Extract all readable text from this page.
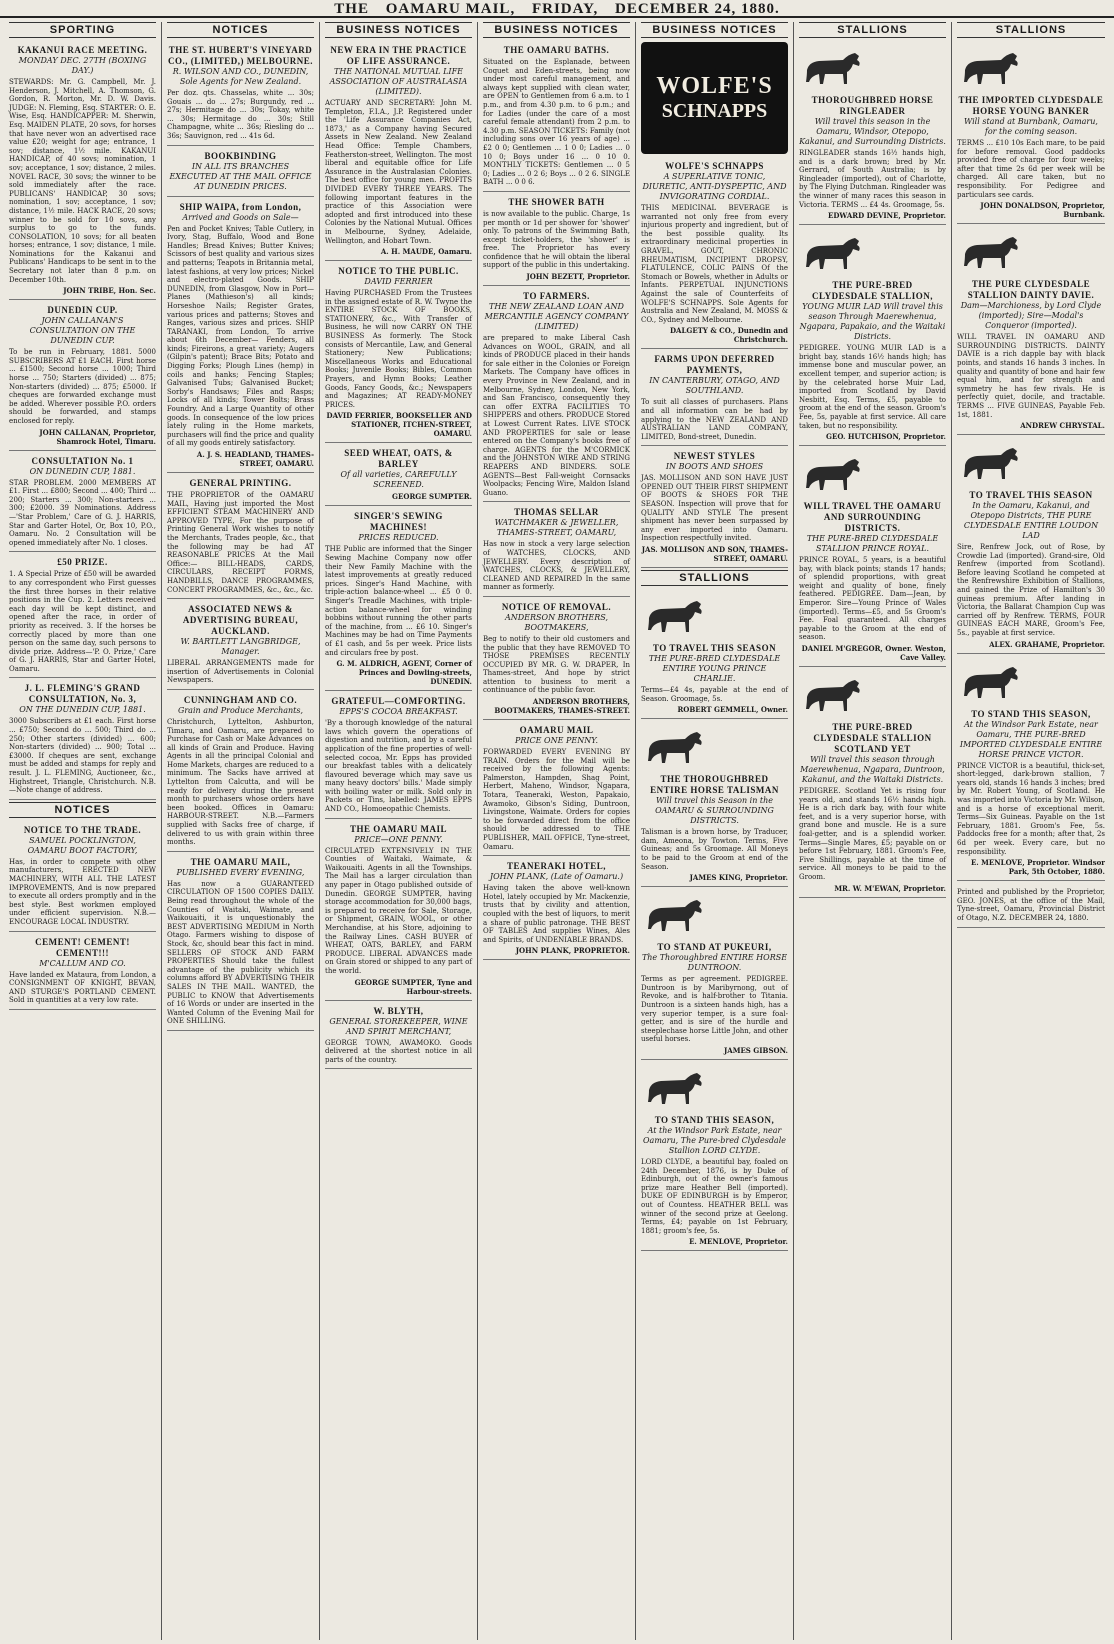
THE OAMARU MAIL, FRIDAY, DECEMBER 24, 1880.
SPORTING
KAKANUI RACE MEETING.
MONDAY DEC. 27TH (BOXING DAY.)
STEWARDS: Mr. G. Campbell, Mr. J. Henderson, J. Mitchell, A. Thomson, G. Gordon, R. Morton, Mr. D. W. Davis. JUDGE: N. Fleming, Esq. STARTER: O. E. Wise, Esq. HANDICAPPER: M. Sherwin, Esq. MAIDEN PLATE, 20 sovs, for horses that have never won an advertised race value £20; weight for age; entrance, 1 sov; distance, 1½ mile. KAKANUI HANDICAP, of 40 sovs; nomination, 1 sov; acceptance, 1 sov; distance, 2 miles. NOVEL RACE, 30 sovs; the winner to be sold immediately after the race. PUBLICANS' HANDICAP, 30 sovs; nomination, 1 sov; acceptance, 1 sov; distance, 1½ mile. HACK RACE, 20 sovs; winner to be sold for 10 sovs, any surplus to go to the funds. CONSOLATION, 10 sovs; for all beaten horses; entrance, 1 sov; distance, 1 mile. Nominations for the Kakanui and Publicans' Handicaps to be sent in to the Secretary not later than 8 p.m. on December 10th.
JOHN TRIBE, Hon. Sec.
DUNEDIN CUP.
JOHN CALLANAN'S CONSULTATION ON THE DUNEDIN CUP.
To be run in February, 1881. 5000 SUBSCRIBERS AT £1 EACH. First horse ... £1500; Second horse ... 1000; Third horse ... 750; Starters (divided) ... 875; Non-starters (divided) ... 875; £5000. If cheques are forwarded exchange must be added. Wherever possible P.O. orders should be forwarded, and stamps enclosed for reply.
JOHN CALLANAN, Proprietor, Shamrock Hotel, Timaru.
CONSULTATION No. 1
ON DUNEDIN CUP, 1881.
STAR PROBLEM. 2000 MEMBERS AT £1. First ... £800; Second ... 400; Third ... 200; Starters ... 300; Non-starters ... 300; £2000. 39 Nominations. Address—'Star Problem,' Care of G. J. HARRIS, Star and Garter Hotel, Or, Box 10, P.O., Oamaru. No. 2 Consultation will be opened immediately after No. 1 closes.
£50 PRIZE.
1. A Special Prize of £50 will be awarded to any correspondent who First guesses the first three horses in their relative positions in the Cup. 2. Letters received each day will be kept distinct, and opened after the race, in order of priority as received. 3. If the horses be correctly placed by more than one person on the same day, such persons to divide prize. Address—'P. O. Prize,' Care of G. J. HARRIS, Star and Garter Hotel, Oamaru.
J. L. FLEMING'S GRAND CONSULTATION, No. 3,
ON THE DUNEDIN CUP, 1881.
3000 Subscribers at £1 each. First horse ... £750; Second do ... 500; Third do ... 250; Other starters (divided) ... 600; Non-starters (divided) ... 900; Total ... £3000. If cheques are sent, exchange must be added and stamps for reply and result. J. L. FLEMING, Auctioneer, &c., Highstreet, Triangle, Christchurch. N.B.—Note change of address.
NOTICES
NOTICE TO THE TRADE.
SAMUEL POCKLINGTON, OAMARU BOOT FACTORY,
Has, in order to compete with other manufacturers, ERECTED NEW MACHINERY, WITH ALL THE LATEST IMPROVEMENTS, And is now prepared to execute all orders promptly and in the best style. Best workmen employed under efficient supervision. N.B.— ENCOURAGE LOCAL INDUSTRY.
CEMENT! CEMENT! CEMENT!!!
M'CALLUM AND CO.
Have landed ex Mataura, from London, a CONSIGNMENT OF KNIGHT, BEVAN, AND STURGE'S PORTLAND CEMENT. Sold in quantities at a very low rate.
NOTICES
THE ST. HUBERT'S VINEYARD CO., (LIMITED,) MELBOURNE.
R. WILSON AND CO., DUNEDIN, Sole Agents for New Zealand.
Per doz. qts. Chasselas, white ... 30s; Gouais ... do ... 27s; Burgundy, red ... 27s; Hermitage do ... 30s; Tokay, white ... 30s; Hermitage do ... 30s; Still Champagne, white ... 36s; Riesling do ... 36s; Sauvignon, red ... 41s 6d.
BOOKBINDING
IN ALL ITS BRANCHES EXECUTED AT THE MAIL OFFICE AT DUNEDIN PRICES.
SHIP WAIPA, from London,
Arrived and Goods on Sale—
Pen and Pocket Knives; Table Cutlery, in Ivory, Stag, Buffalo, Wood and Bone Handles; Bread Knives; Butter Knives; Scissors of best quality and various sizes and patterns; Teapots in Britannia metal, latest fashions, at very low prices; Nickel and electro-plated Goods. SHIP DUNEDIN, from Glasgow, Now in Port— Planes (Mathieson's) all kinds; Horseshoe Nails; Register Grates, various prices and patterns; Stoves and Ranges, various sizes and prices. SHIP TARANAKI, from London, To arrive about 6th December— Fenders, all kinds; Fireirons, a great variety; Augers (Gilpin's patent); Brace Bits; Potato and Digging Forks; Plough Lines (hemp) in coils and hanks; Fencing Staples; Galvanised Tubs; Galvanised Bucket; Sorby's Handsaws; Files and Rasps; Locks of all kinds; Tower Bolts; Brass Foundry. And a Large Quantity of other goods. In consequence of the low prices lately ruling in the Home markets, purchasers will find the price and quality of all my goods entirely satisfactory.
A. J. S. HEADLAND, THAMES-STREET, OAMARU.
GENERAL PRINTING.
THE PROPRIETOR of the OAMARU MAIL, Having just imported the Most EFFICIENT STEAM MACHINERY AND APPROVED TYPE, For the purpose of Printing General Work wishes to notify the Merchants, Trades people, &c., that the following may be had AT REASONABLE PRICES At the Mail Office:— BILL-HEADS, CARDS, CIRCULARS, RECEIPT FORMS, HANDBILLS, DANCE PROGRAMMES, CONCERT PROGRAMMES, &c., &c., &c.
ASSOCIATED NEWS & ADVERTISING BUREAU, AUCKLAND.
W. BARTLETT LANGBRIDGE, Manager.
LIBERAL ARRANGEMENTS made for insertion of Advertisements in Colonial Newspapers.
CUNNINGHAM AND CO.
Grain and Produce Merchants,
Christchurch, Lyttelton, Ashburton, Timaru, and Oamaru, are prepared to Purchase for Cash or Make Advances on all kinds of Grain and Produce. Having Agents in all the principal Colonial and Home Markets, charges are reduced to a minimum. The Sacks have arrived at Lyttelton from Calcutta, and will be ready for delivery during the present month to purchasers whose orders have been booked. Offices in Oamaru: HARBOUR-STREET. N.B.—Farmers supplied with Sacks free of charge, if delivered to us with grain within three months.
THE OAMARU MAIL,
PUBLISHED EVERY EVENING,
Has now a GUARANTEED CIRCULATION OF 1500 COPIES DAILY. Being read throughout the whole of the Counties of Waitaki, Waimate, and Waikouaiti, it is unquestionably the BEST ADVERTISING MEDIUM in North Otago. Farmers wishing to dispose of Stock, &c, should bear this fact in mind. SELLERS OF STOCK AND FARM PROPERTIES Should take the fullest advantage of the publicity which its columns afford BY ADVERTISING THEIR SALES IN THE MAIL. WANTED, the PUBLIC to KNOW that Advertisements of 16 Words or under are inserted in the Wanted Column of the Evening Mail for ONE SHILLING.
BUSINESS NOTICES
NEW ERA IN THE PRACTICE OF LIFE ASSURANCE.
THE NATIONAL MUTUAL LIFE ASSOCIATION OF AUSTRALASIA (LIMITED).
ACTUARY AND SECRETARY: John M. Templeton, F.I.A., J.P. Registered under the 'Life Assurance Companies Act, 1873,' as a Company having Secured Assets in New Zealand. New Zealand Head Office: Temple Chambers, Featherston-street, Wellington. The most liberal and equitable office for Life Assurance in the Australasian Colonies. The best office for young men. PROFITS DIVIDED EVERY THREE YEARS. The following important features in the practice of this Association were adopted and first introduced into these Colonies by the National Mutual. Offices in Melbourne, Sydney, Adelaide, Wellington, and Hobart Town.
A. H. MAUDE, Oamaru.
NOTICE TO THE PUBLIC.
DAVID FERRIER
Having PURCHASED From the Trustees in the assigned estate of R. W. Twyne the ENTIRE STOCK OF BOOKS, STATIONERY, &c., With Transfer of Business, he will now CARRY ON THE BUSINESS As formerly. The Stock consists of Mercantile, Law, and General Stationery; New Publications; Miscellaneous Works and Educational Books; Juvenile Books; Bibles, Common Prayers, and Hymn Books; Leather Goods, Fancy Goods, &c.; Newspapers and Magazines; AT READY-MONEY PRICES.
DAVID FERRIER, BOOKSELLER AND STATIONER, ITCHEN-STREET, OAMARU.
SEED WHEAT, OATS, & BARLEY
Of all varieties, CAREFULLY SCREENED.
GEORGE SUMPTER.
SINGER'S SEWING MACHINES!
PRICES REDUCED.
THE Public are informed that the Singer Sewing Machine Company now offer their New Family Machine with the latest improvements at greatly reduced prices. Singer's Hand Machine, with triple-action balance-wheel ... £5 0 0. Singer's Treadle Machines, with triple-action balance-wheel for winding bobbins without running the other parts of the machine, from ... £6 10. Singer's Machines may be had on Time Payments of £1 cash, and 5s per week. Price lists and circulars free by post.
G. M. ALDRICH, AGENT, Corner of Princes and Dowling-streets, DUNEDIN.
GRATEFUL—COMFORTING.
EPPS'S COCOA BREAKFAST.
'By a thorough knowledge of the natural laws which govern the operations of digestion and nutrition, and by a careful application of the fine properties of well-selected cocoa, Mr. Epps has provided our breakfast tables with a delicately flavoured beverage which may save us many heavy doctors' bills.' Made simply with boiling water or milk. Sold only in Packets or Tins, labelled: JAMES EPPS AND CO., Homoeopathic Chemists.
THE OAMARU MAIL
PRICE—ONE PENNY.
CIRCULATED EXTENSIVELY IN THE Counties of Waitaki, Waimate, & Waikouaiti. Agents in all the Townships. The Mail has a larger circulation than any paper in Otago published outside of Dunedin. GEORGE SUMPTER, having storage accommodation for 30,000 bags, is prepared to receive for Sale, Storage, or Shipment, GRAIN, WOOL, or other Merchandise, at his Store, adjoining to the Railway Lines. CASH BUYER of WHEAT, OATS, BARLEY, and FARM PRODUCE. LIBERAL ADVANCES made on Grain stored or shipped to any part of the world.
GEORGE SUMPTER, Tyne and Harbour-streets.
W. BLYTH,
GENERAL STOREKEEPER, WINE AND SPIRIT MERCHANT,
GEORGE TOWN, AWAMOKO. Goods delivered at the shortest notice in all parts of the country.
BUSINESS NOTICES
THE OAMARU BATHS.
Situated on the Esplanade, between Coquet and Eden-streets, being now under most careful management, and always kept supplied with clean water, are OPEN to Gentlemen from 6 a.m. to 1 p.m., and from 4.30 p.m. to 6 p.m.; and for Ladies (under the care of a most careful female attendant) from 2 p.m. to 4.30 p.m. SEASON TICKETS: Family (not including sons over 16 years of age) ... £2 0 0; Gentlemen ... 1 0 0; Ladies ... 0 10 0; Boys under 16 ... 0 10 0. MONTHLY TICKETS: Gentlemen ... 0 5 0; Ladies ... 0 2 6; Boys ... 0 2 6. SINGLE BATH ... 0 0 6.
THE SHOWER BATH
is now available to the public. Charge, 1s per month or 1d per shower for 'shower' only. To patrons of the Swimming Bath, except ticket-holders, the 'shower' is free. The Proprietor has every confidence that he will obtain the liberal support of the public in this undertaking.
JOHN BEZETT, Proprietor.
TO FARMERS.
THE NEW ZEALAND LOAN AND MERCANTILE AGENCY COMPANY (LIMITED)
are prepared to make Liberal Cash Advances on WOOL, GRAIN, and all kinds of PRODUCE placed in their hands for sale either in the Colonies or Foreign Markets. The Company have offices in every Province in New Zealand, and in Melbourne, Sydney, London, New York, and San Francisco, consequently they can offer EXTRA FACILITIES TO SHIPPERS and others. PRODUCE Stored at Lowest Current Rates. LIVE STOCK AND PROPERTIES for sale or lease entered on the Company's books free of charge. AGENTS for the M'CORMICK and the JOHNSTON WIRE AND STRING REAPERS AND BINDERS. SOLE AGENTS—Best Fall-weight Cornsacks Woolpacks; Fencing Wire, Maldon Island Guano.
THOMAS SELLAR
WATCHMAKER & JEWELLER, THAMES-STREET, OAMARU,
Has now in stock a very large selection of WATCHES, CLOCKS, AND JEWELLERY. Every description of WATCHES, CLOCKS, & JEWELLERY, CLEANED AND REPAIRED In the same manner as formerly.
NOTICE OF REMOVAL.
ANDERSON BROTHERS, BOOTMAKERS,
Beg to notify to their old customers and the public that they have REMOVED TO THOSE PREMISES RECENTLY OCCUPIED BY MR. G. W. DRAPER, In Thames-street, And hope by strict attention to business to merit a continuance of the public favor.
ANDERSON BROTHERS, BOOTMAKERS, THAMES-STREET.
OAMARU MAIL
PRICE ONE PENNY.
FORWARDED EVERY EVENING BY TRAIN. Orders for the Mail will be received by the following Agents: Palmerston, Hampden, Shag Point, Herbert, Maheno, Windsor, Ngapara, Totara, Teaneraki, Weston, Papakaio, Awamoko, Gibson's Siding, Duntroon, Livingstone, Waimate. Orders for copies to be forwarded direct from the office should be addressed to THE PUBLISHER, MAIL OFFICE, Tyne-street, Oamaru.
TEANERAKI HOTEL,
JOHN PLANK, (Late of Oamaru.)
Having taken the above well-known Hotel, lately occupied by Mr. Mackenzie, trusts that by civility and attention, coupled with the best of liquors, to merit a share of public patronage. THE BEST OF TABLES And supplies Wines, Ales and Spirits, of UNDENIABLE BRANDS.
JOHN PLANK, PROPRIETOR.
BUSINESS NOTICES
WOLFE'S
SCHNAPPS
WOLFE'S SCHNAPPS
A SUPERLATIVE TONIC, DIURETIC, ANTI-DYSPEPTIC, AND INVIGORATING CORDIAL.
THIS MEDICINAL BEVERAGE is warranted not only free from every injurious property and ingredient, but of the best possible quality. Its extraordinary medicinal properties in GRAVEL, GOUT, CHRONIC RHEUMATISM, INCIPIENT DROPSY, FLATULENCE, COLIC PAINS Of the Stomach or Bowels, whether in Adults or Infants. PERPETUAL INJUNCTIONS Against the sale of Counterfeits of WOLFE'S SCHNAPPS. Sole Agents for Australia and New Zealand, M. MOSS & CO., Sydney and Melbourne.
DALGETY & CO., Dunedin and Christchurch.
FARMS UPON DEFERRED PAYMENTS,
IN CANTERBURY, OTAGO, AND SOUTHLAND.
To suit all classes of purchasers. Plans and all information can be had by applying to the NEW ZEALAND AND AUSTRALIAN LAND COMPANY, LIMITED, Bond-street, Dunedin.
NEWEST STYLES
IN BOOTS AND SHOES
JAS. MOLLISON AND SON HAVE JUST OPENED OUT THEIR FIRST SHIPMENT OF BOOTS & SHOES FOR THE SEASON. Inspection will prove that for QUALITY AND STYLE The present shipment has never been surpassed by any ever imported into Oamaru. Inspection respectfully invited.
JAS. MOLLISON AND SON, THAMES-STREET, OAMARU.
STALLIONS
TO TRAVEL THIS SEASON
THE PURE-BRED CLYDESDALE ENTIRE YOUNG PRINCE CHARLIE.
Terms—£4 4s, payable at the end of Season. Groomage, 5s.
ROBERT GEMMELL, Owner.
THE THOROUGHBRED ENTIRE HORSE TALISMAN
Will travel this Season in the OAMARU & SURROUNDING DISTRICTS.
Talisman is a brown horse, by Traducer, dam, Ameona, by Towton. Terms, Five Guineas; and 5s Groomage. All Moneys to be paid to the Groom at end of the Season.
JAMES KING, Proprietor.
TO STAND AT PUKEURI,
The Thoroughbred ENTIRE HORSE DUNTROON.
Terms as per agreement. PEDIGREE. Duntroon is by Maribyrnong, out of Revoke, and is half-brother to Titania. Duntroon is a sixteen hands high, has a very superior temper, is a sure foal-getter, and is sire of the hurdle and steeplechase horse Little John, and other useful horses.
JAMES GIBSON.
TO STAND THIS SEASON,
At the Windsor Park Estate, near Oamaru, The Pure-bred Clydesdale Stallion LORD CLYDE.
LORD CLYDE, a beautiful bay, foaled on 24th December, 1876, is by Duke of Edinburgh, out of the owner's famous prize mare Heather Bell (imported). DUKE OF EDINBURGH is by Emperor, out of Countess. HEATHER BELL was winner of the second prize at Geelong. Terms, £4; payable on 1st February, 1881; groom's fee, 5s.
E. MENLOVE, Proprietor.
STALLIONS
THOROUGHBRED HORSE RINGLEADER
Will travel this season in the Oamaru, Windsor, Otepopo, Kakanui, and Surrounding Districts.
RINGLEADER stands 16½ hands high, and is a dark brown; bred by Mr. Gerrard, of South Australia; is by Ringleader (imported), out of Charlotte, by The Flying Dutchman. Ringleader was the winner of many races this season in Victoria. TERMS ... £4 4s. Groomage, 5s.
EDWARD DEVINE, Proprietor.
THE PURE-BRED CLYDESDALE STALLION,
YOUNG MUIR LAD Will travel this season Through Maerewhenua, Ngapara, Papakaio, and the Waitaki Districts.
PEDIGREE. YOUNG MUIR LAD is a bright bay, stands 16½ hands high; has immense bone and muscular power, an excellent temper, and superior action; is by the celebrated horse Muir Lad, imported from Scotland by David Nesbitt, Esq. Terms, £5, payable to groom at the end of the season. Groom's Fee, 5s, payable at first service. All care taken, but no responsibility.
GEO. HUTCHISON, Proprietor.
WILL TRAVEL THE OAMARU AND SURROUNDING DISTRICTS.
THE PURE-BRED CLYDESDALE STALLION PRINCE ROYAL.
PRINCE ROYAL, 5 years, is a beautiful bay, with black points; stands 17 hands; of splendid proportions, with great weight and quality of bone, finely feathered. PEDIGREE. Dam—Jean, by Emperor. Sire—Young Prince of Wales (imported). Terms—£5, and 5s Groom's Fee. Foal guaranteed. All charges payable to the Groom at the end of season.
DANIEL M'GREGOR, Owner. Weston, Cave Valley.
THE PURE-BRED CLYDESDALE STALLION SCOTLAND YET
Will travel this season through Maerewhenua, Ngapara, Duntroon, Kakanui, and the Waitaki Districts.
PEDIGREE. Scotland Yet is rising four years old, and stands 16½ hands high. He is a rich dark bay, with four white feet, and is a very superior horse, with grand bone and muscle. He is a sure foal-getter, and is a splendid worker. Terms—Single Mares, £5; payable on or before 1st February, 1881. Groom's Fee, Five Shillings, payable at the time of service. All moneys to be paid to the Groom.
MR. W. M'EWAN, Proprietor.
STALLIONS
THE IMPORTED CLYDESDALE HORSE YOUNG BANKER
Will stand at Burnbank, Oamaru, for the coming season.
TERMS ... £10 10s Each mare, to be paid for before removal. Good paddocks provided free of charge for four weeks; after that time 2s 6d per week will be charged. All care taken, but no responsibility. For Pedigree and particulars see cards.
JOHN DONALDSON, Proprietor, Burnbank.
THE PURE CLYDESDALE STALLION DAINTY DAVIE.
Dam—Marchioness, by Lord Clyde (imported); Sire—Modal's Conqueror (imported).
WILL TRAVEL IN OAMARU AND SURROUNDING DISTRICTS. DAINTY DAVIE is a rich dapple bay with black points, and stands 16 hands 3 inches. In quality and quantity of bone and hair few equal him, and for strength and symmetry he has few rivals. He is perfectly quiet, docile, and tractable. TERMS ... FIVE GUINEAS, Payable Feb. 1st, 1881.
ANDREW CHRYSTAL.
TO TRAVEL THIS SEASON
In the Oamaru, Kakanui, and Otepopo Districts, THE PURE CLYDESDALE ENTIRE LOUDON LAD
Sire, Renfrew Jock, out of Rose, by Crowdie Lad (imported). Grand-sire, Old Renfrew (imported from Scotland). Before leaving Scotland he competed at the Renfrewshire Exhibition of Stallions, and gained the Prize of Hamilton's 30 guineas premium. After landing in Victoria, the Ballarat Champion Cup was carried off by Renfrew. TERMS, FOUR GUINEAS EACH MARE, Groom's Fee, 5s., payable at first service.
ALEX. GRAHAME, Proprietor.
TO STAND THIS SEASON,
At the Windsor Park Estate, near Oamaru, THE PURE-BRED IMPORTED CLYDESDALE ENTIRE HORSE PRINCE VICTOR.
PRINCE VICTOR is a beautiful, thick-set, short-legged, dark-brown stallion, 7 years old, stands 16 hands 3 inches; bred by Mr. Robert Young, of Scotland. He was imported into Victoria by Mr. Wilson, and is a horse of exceptional merit. Terms—Six Guineas. Payable on the 1st February, 1881. Groom's Fee, 5s. Paddocks free for a month; after that, 2s 6d per week. Every care, but no responsibility.
E. MENLOVE, Proprietor. Windsor Park, 5th October, 1880.
Printed and published by the Proprietor, GEO. JONES, at the office of the Mail, Tyne-street, Oamaru, Provincial District of Otago, N.Z. DECEMBER 24, 1880.
